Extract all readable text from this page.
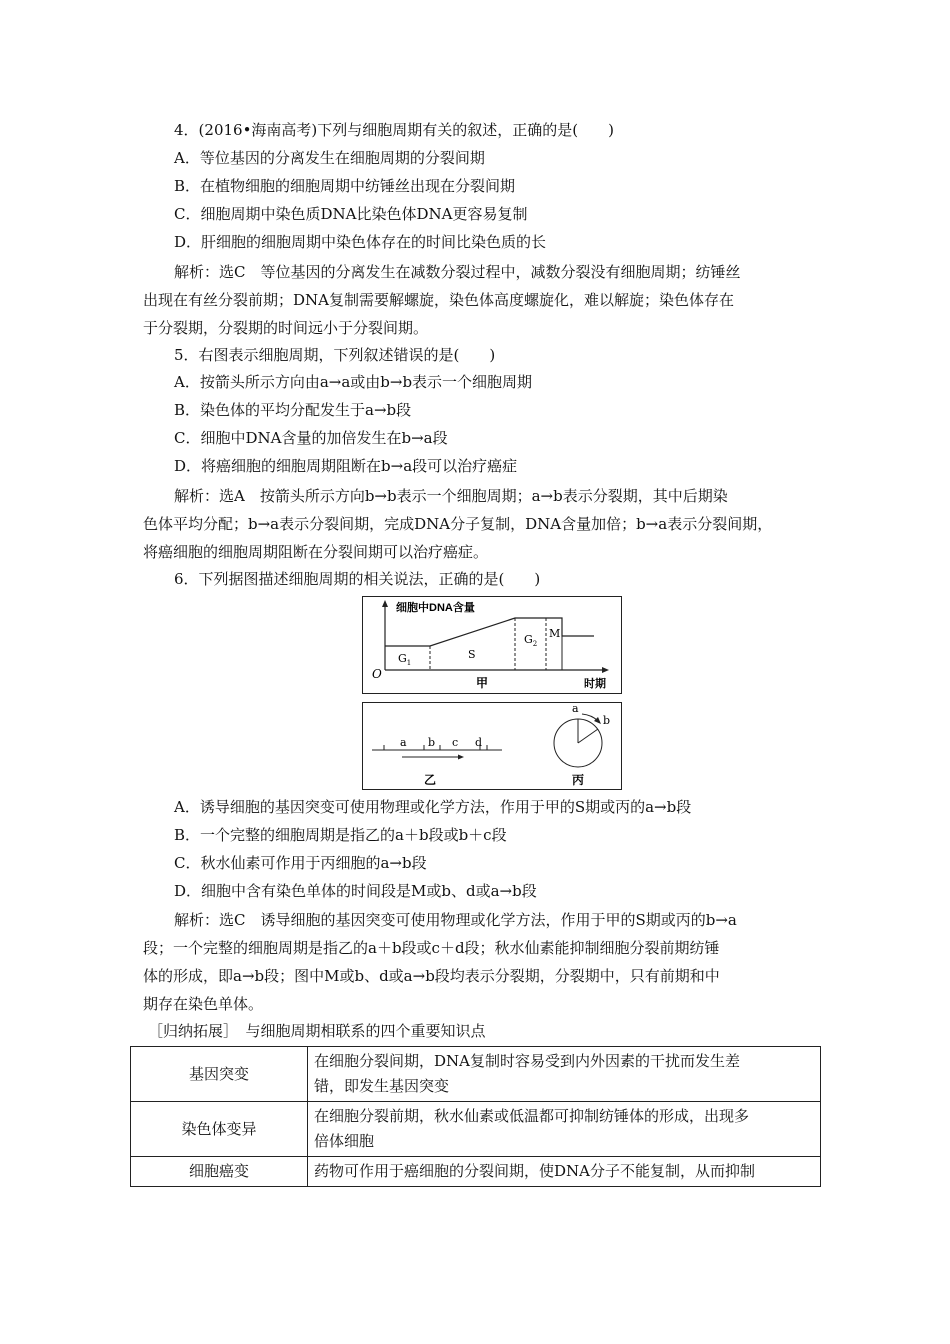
4．(2016•海南高考)下列与细胞周期有关的叙述，正确的是(　　)
A．等位基因的分离发生在细胞周期的分裂间期
B．在植物细胞的细胞周期中纺锤丝出现在分裂间期
C．细胞周期中染色质DNA比染色体DNA更容易复制
D．肝细胞的细胞周期中染色体存在的时间比染色质的长
解析：选C　等位基因的分离发生在减数分裂过程中，减数分裂没有细胞周期；纺锤丝
出现在有丝分裂前期；DNA复制需要解螺旋，染色体高度螺旋化，难以解旋；染色体存在
于分裂期，分裂期的时间远小于分裂间期。
5．右图表示细胞周期，下列叙述错误的是(　　)
A．按箭头所示方向由a→a或由b→b表示一个细胞周期
B．染色体的平均分配发生于a→b段
C．细胞中DNA含量的加倍发生在b→a段
D．将癌细胞的细胞周期阻断在b→a段可以治疗癌症
解析：选A　按箭头所示方向b→b表示一个细胞周期；a→b表示分裂期，其中后期染
色体平均分配；b→a表示分裂间期，完成DNA分子复制，DNA含量加倍；b→a表示分裂间期，
将癌细胞的细胞周期阻断在分裂间期可以治疗癌症。
6．下列据图描述细胞周期的相关说法，正确的是(　　)
细胞中DNA含量
O
$G_1$
S
$G_2$
M
甲	时期
a b c d
乙
a
b
丙
A．诱导细胞的基因突变可使用物理或化学方法，作用于甲的S期或丙的a→b段
B．一个完整的细胞周期是指乙的a＋b段或b＋c段
C．秋水仙素可作用于丙细胞的a→b段
D．细胞中含有染色单体的时间段是M或b、d或a→b段
解析：选C　诱导细胞的基因突变可使用物理或化学方法，作用于甲的S期或丙的b→a
段；一个完整的细胞周期是指乙的a＋b段或c＋d段；秋水仙素能抑制细胞分裂前期纺锤
体的形成，即a→b段；图中M或b、d或a→b段均表示分裂期，分裂期中，只有前期和中
期存在染色单体。
［归纳拓展］　与细胞周期相联系的四个重要知识点
基因突变	在细胞分裂间期，DNA复制时容易受到内外因素的干扰而发生差
错，即发生基因突变

染色体变异	在细胞分裂前期，秋水仙素或低温都可抑制纺锤体的形成，出现多
倍体细胞

细胞癌变	药物可作用于癌细胞的分裂间期，使DNA分子不能复制，从而抑制
